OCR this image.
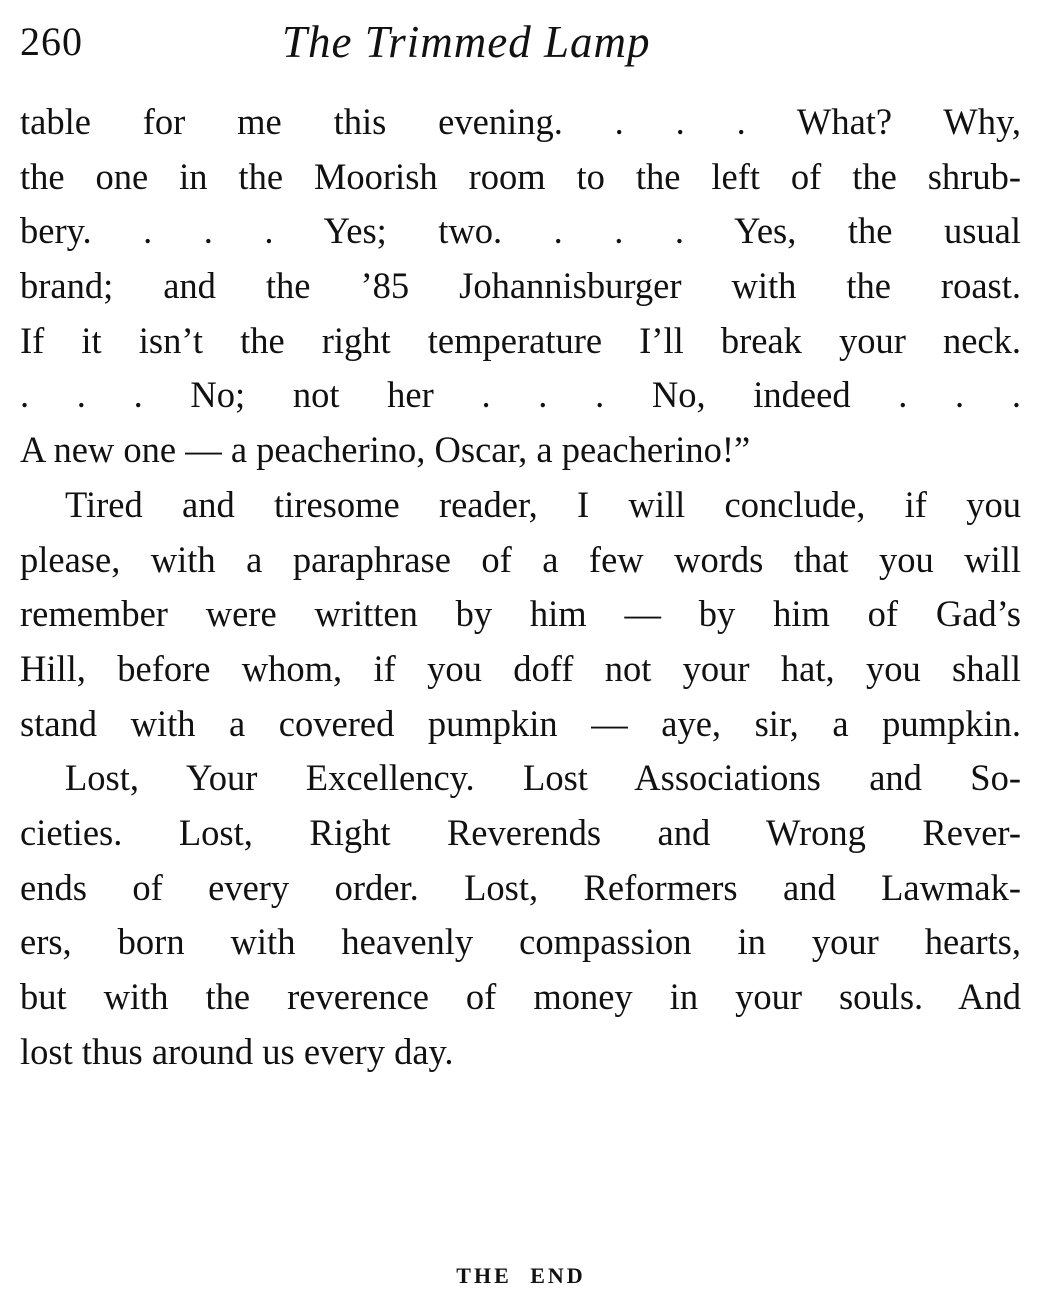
260	The Trimmed Lamp
table for me this evening. . . . What? Why,
the one in the Moorish room to the left of the shrub-
bery. . . . Yes; two. . . . Yes, the usual
brand; and the ’85 Johannisburger with the roast.
If it isn’t the right temperature I’ll break your neck.
. . . No; not her . . . No, indeed . . .
A new one — a peacherino, Oscar, a peacherino!”
Tired and tiresome reader, I will conclude, if you
please, with a paraphrase of a few words that you will
remember were written by him — by him of Gad’s
Hill, before whom, if you doff not your hat, you shall
stand with a covered pumpkin — aye, sir, a pumpkin.
Lost, Your Excellency. Lost Associations and So-
cieties. Lost, Right Reverends and Wrong Rever-
ends of every order. Lost, Reformers and Lawmak-
ers, born with heavenly compassion in your hearts,
but with the reverence of money in your souls. And
lost thus around us every day.
THE END
